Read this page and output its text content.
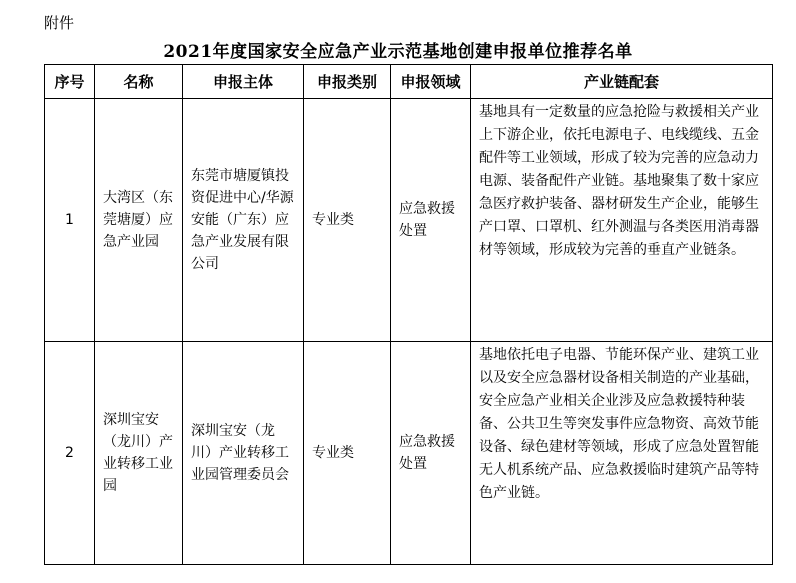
附件
2021年度国家安全应急产业示范基地创建申报单位推荐名单
序号	名称	申报主体	申报类别	申报领域	产业链配套
1	大湾区（东莞塘厦）应急产业园	东莞市塘厦镇投资促进中心/华源安能（广东）应急产业发展有限公司	专业类	应急救援处置	基地具有一定数量的应急抢险与救援相关产业上下游企业，依托电源电子、电线缆线、五金配件等工业领域，形成了较为完善的应急动力电源、装备配件产业链。基地聚集了数十家应急医疗救护装备、器材研发生产企业，能够生产口罩、口罩机、红外测温与各类医用消毒器材等领域，形成较为完善的垂直产业链条。
2	深圳宝安（龙川）产业转移工业园	深圳宝安（龙川）产业转移工业园管理委员会	专业类	应急救援处置	基地依托电子电器、节能环保产业、建筑工业以及安全应急器材设备相关制造的产业基础，安全应急产业相关企业涉及应急救援特种装备、公共卫生等突发事件应急物资、高效节能设备、绿色建材等领域，形成了应急处置智能无人机系统产品、应急救援临时建筑产品等特色产业链。
